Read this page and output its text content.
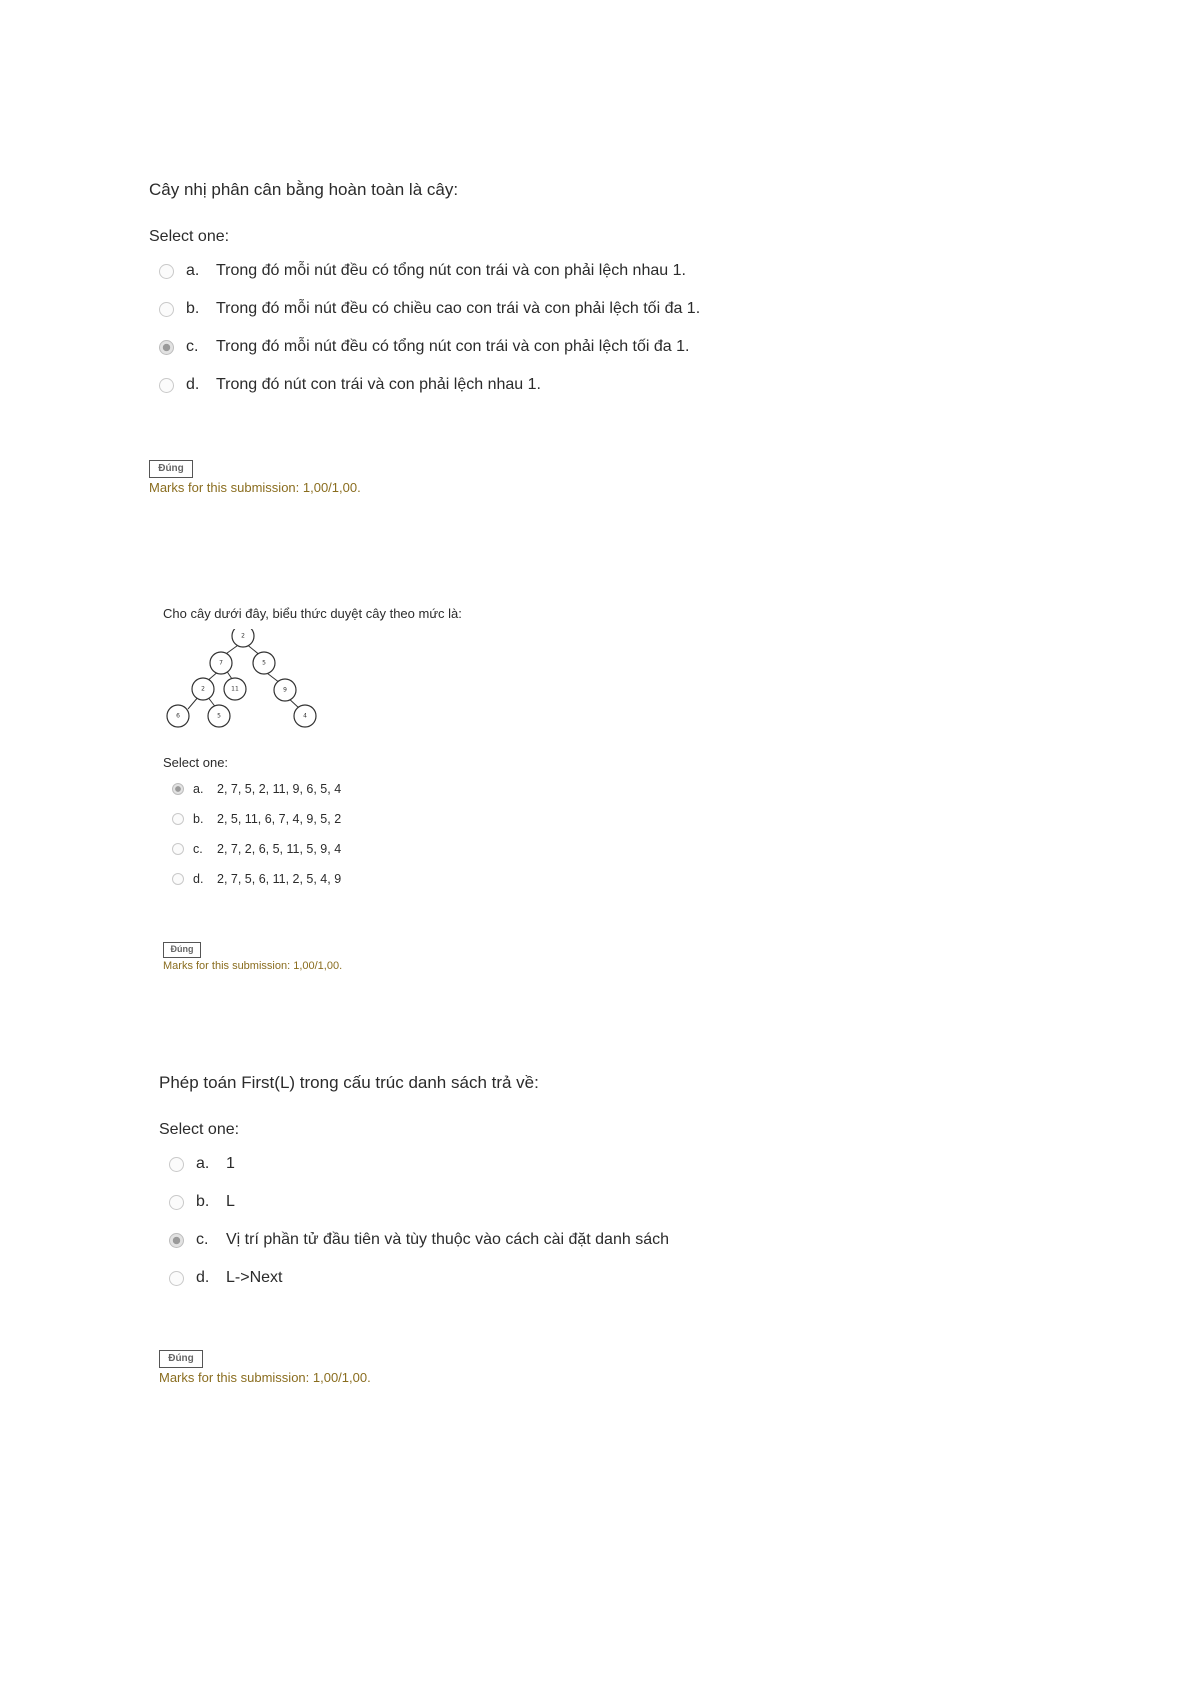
Cây nhị phân cân bằng hoàn toàn là cây:

Select one:

a.	Trong đó mỗi nút đều có tổng nút con trái và con phải lệch nhau 1.
b.	Trong đó mỗi nút đều có chiều cao con trái và con phải lệch tối đa 1.
c.	Trong đó mỗi nút đều có tổng nút con trái và con phải lệch tối đa 1.
d.	Trong đó nút con trái và con phải lệch nhau 1.
Đúng
Marks for this submission: 1,00/1,00.

Cho cây dưới đây, biểu thức duyệt cây theo mức là:

2
7	5
2	11	9
6	5	4

Select one:

a.	2, 7, 5, 2, 11, 9, 6, 5, 4
b.	2, 5, 11, 6, 7, 4, 9, 5, 2
c.	2, 7, 2, 6, 5, 11, 5, 9, 4
d.	2, 7, 5, 6, 11, 2, 5, 4, 9
Đúng
Marks for this submission: 1,00/1,00.

Phép toán First(L) trong cấu trúc danh sách trả về:

Select one:

a.	1
b.	L
c.	Vị trí phần tử đầu tiên và tùy thuộc vào cách cài đặt danh sách
d.	L->Next
Đúng
Marks for this submission: 1,00/1,00.
